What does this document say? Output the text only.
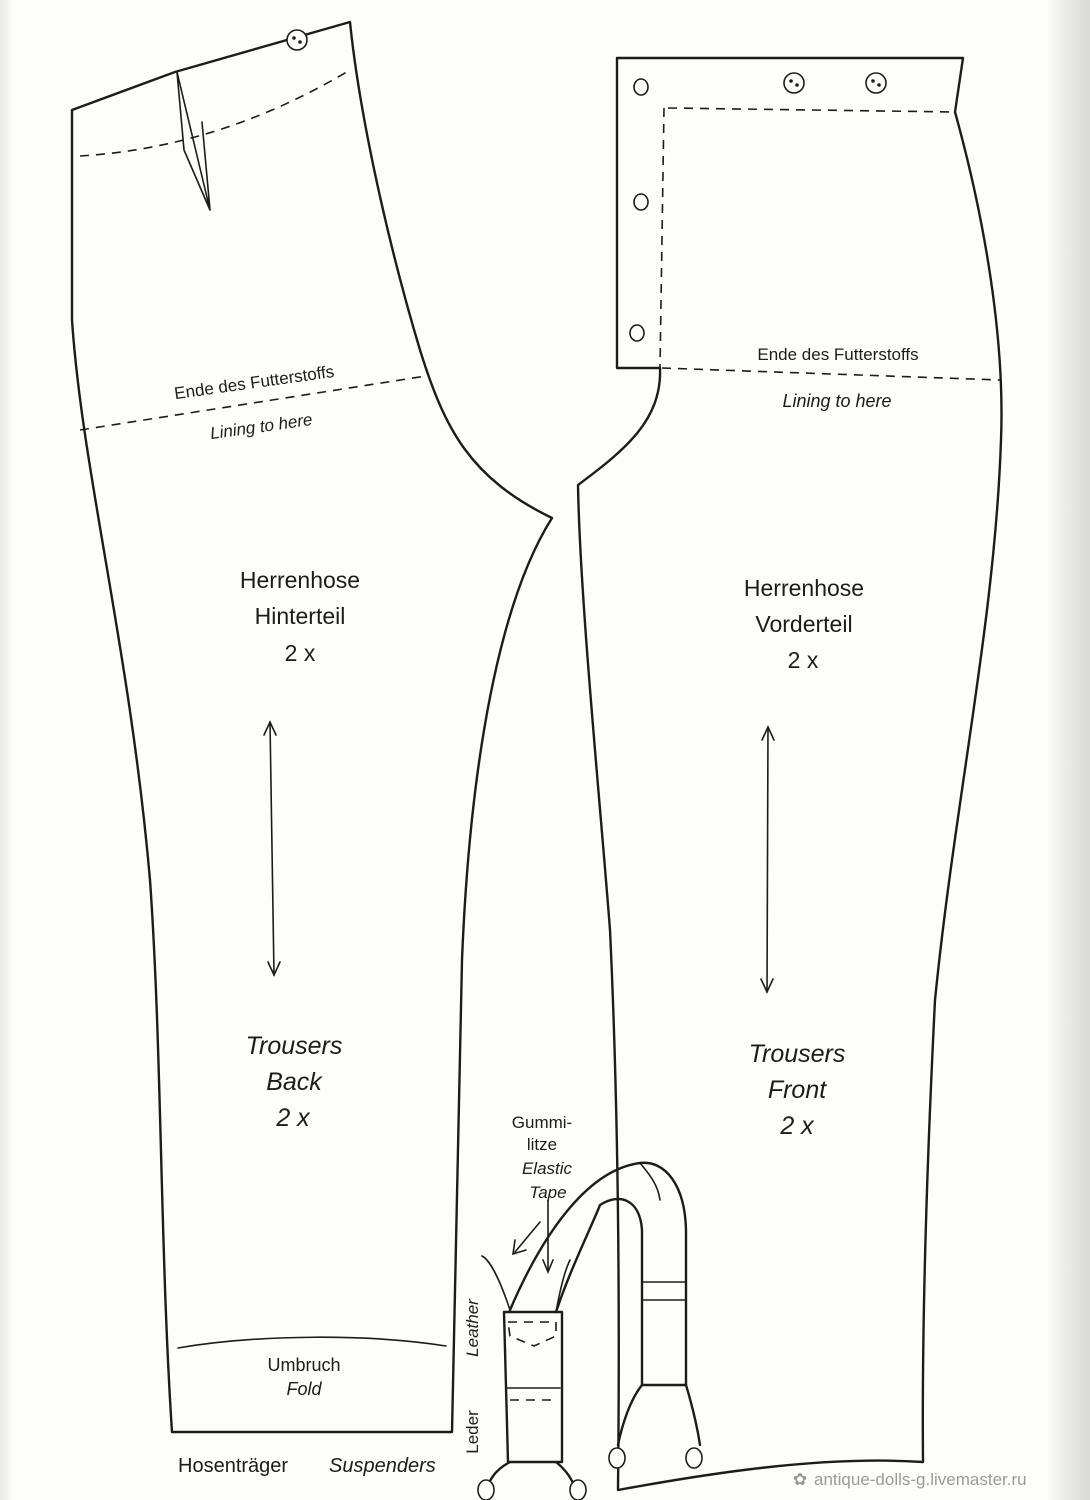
Ende des Futterstoffs
Lining to here
Herrenhose
Hinterteil
2 x
Trousers
Back
2 x
Umbruch
Fold
Ende des Futterstoffs
Lining to here
Herrenhose
Vorderteil
2 x
Trousers
Front
2 x
Gummi-
litze
Elastic
Tape
Leder
Leather
Hosenträger Suspenders
✿ antique-dolls-g.livemaster.ru
